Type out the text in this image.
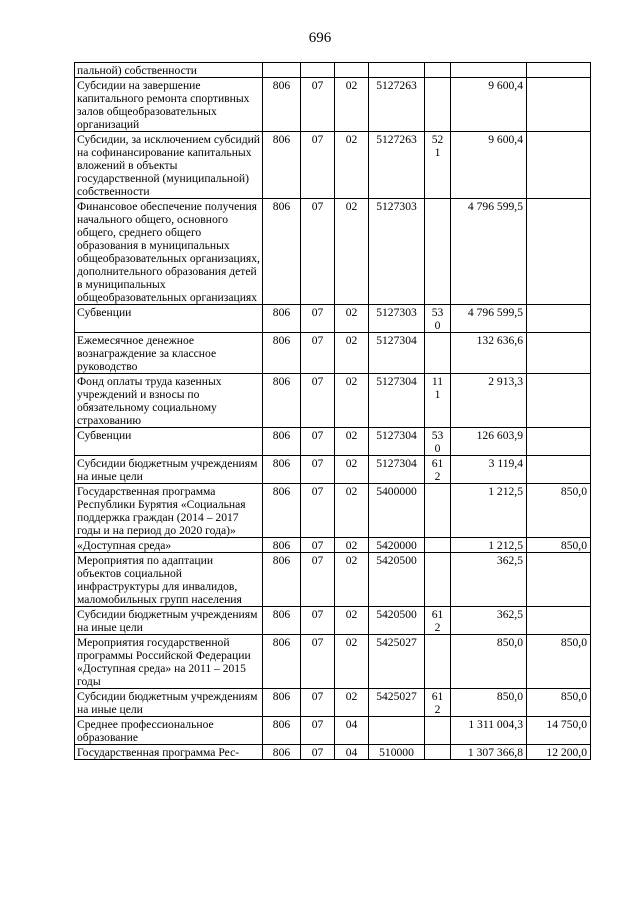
696
пальной) собственности							
Субсидии на завершение капитального ремонта спортивных залов общеобразовательных организаций	806	07	02	5127263		9 600,4	
Субсидии, за исключением субсидий на софинансирование капитальных вложений в объекты государственной (муниципальной) собственности	806	07	02	5127263	521	9 600,4	
Финансовое обеспечение получения начального общего, основного общего, среднего общего образования в муниципальных общеобразовательных организациях, дополнительного образования детей в муниципальных общеобразовательных организациях	806	07	02	5127303		4 796 599,5	
Субвенции	806	07	02	5127303	530	4 796 599,5	
Ежемесячное денежное вознаграждение за классное руководство	806	07	02	5127304		132 636,6	
Фонд оплаты труда казенных учреждений и взносы по обязательному социальному страхованию	806	07	02	5127304	111	2 913,3	
Субвенции	806	07	02	5127304	530	126 603,9	
Субсидии бюджетным учреждениям на иные цели	806	07	02	5127304	612	3 119,4	
Государственная программа Республики Бурятия «Социальная поддержка граждан (2014 – 2017 годы и на период до 2020 года)»	806	07	02	5400000		1 212,5	850,0
«Доступная среда»	806	07	02	5420000		1 212,5	850,0
Мероприятия по адаптации объектов социальной инфраструктуры для инвалидов, маломобильных групп населения	806	07	02	5420500		362,5	
Субсидии бюджетным учреждениям на иные цели	806	07	02	5420500	612	362,5	
Мероприятия государственной программы Российской Федерации «Доступная среда» на 2011 – 2015 годы	806	07	02	5425027		850,0	850,0
Субсидии бюджетным учреждениям на иные цели	806	07	02	5425027	612	850,0	850,0
Среднее профессиональное образование	806	07	04			1 311 004,3	14 750,0
Государственная программа Рес-	806	07	04	510000		1 307 366,8	12 200,0
